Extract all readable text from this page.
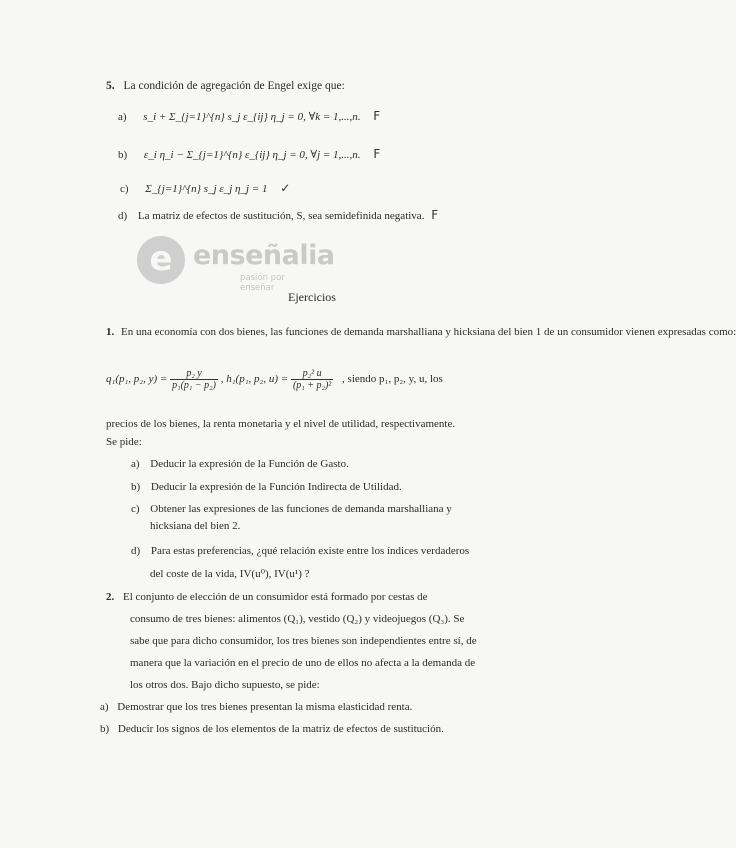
5. La condición de agregación de Engel exige que:
a) s_i + Σ_{j=1}^{n} s_j ε_{ij} η_j = 0, ∀k = 1,...,n. F
b) ε_i η_i − Σ_{j=1}^{n} ε_{ij} η_j = 0, ∀j = 1,...,n. F
c) Σ_{j=1}^{n} s_j ε_j η_j = 1 ✓
d) La matriz de efectos de sustitución, S, sea semidefinida negativa. F
e enseñalia
pasión por enseñar
Ejercicios
1. En una economía con dos bienes, las funciones de demanda marshalliana y hicksiana del bien 1 de un consumidor vienen expresadas como:
q₁(p₁, p₂, $y) = \frac{\text{p₂ y}}{\text{p₁(p₁ − p₂)}}$ , h₁(p₁, p₂, $u) = \frac{\text{p₂² u}}{\text{(p₁ + p₂)²}}$ , siendo p₁, p₂, y, u, los
precios de los bienes, la renta monetaria y el nivel de utilidad, respectivamente.
Se pide:
a) Deducir la expresión de la Función de Gasto.
b) Deducir la expresión de la Función Indirecta de Utilidad.
c) Obtener las expresiones de las funciones de demanda marshalliana y
hicksiana del bien 2.
d) Para estas preferencias, ¿qué relación existe entre los índices verdaderos
del coste de la vida, IV(u⁰), IV(u¹) ?
2. El conjunto de elección de un consumidor está formado por cestas de
consumo de tres bienes: alimentos (Q₁), vestido (Q₂) y videojuegos (Q₃). Se
sabe que para dicho consumidor, los tres bienes son independientes entre sí, de
manera que la variación en el precio de uno de ellos no afecta a la demanda de
los otros dos. Bajo dicho supuesto, se pide:
a) Demostrar que los tres bienes presentan la misma elasticidad renta.
b) Deducir los signos de los elementos de la matriz de efectos de sustitución.
